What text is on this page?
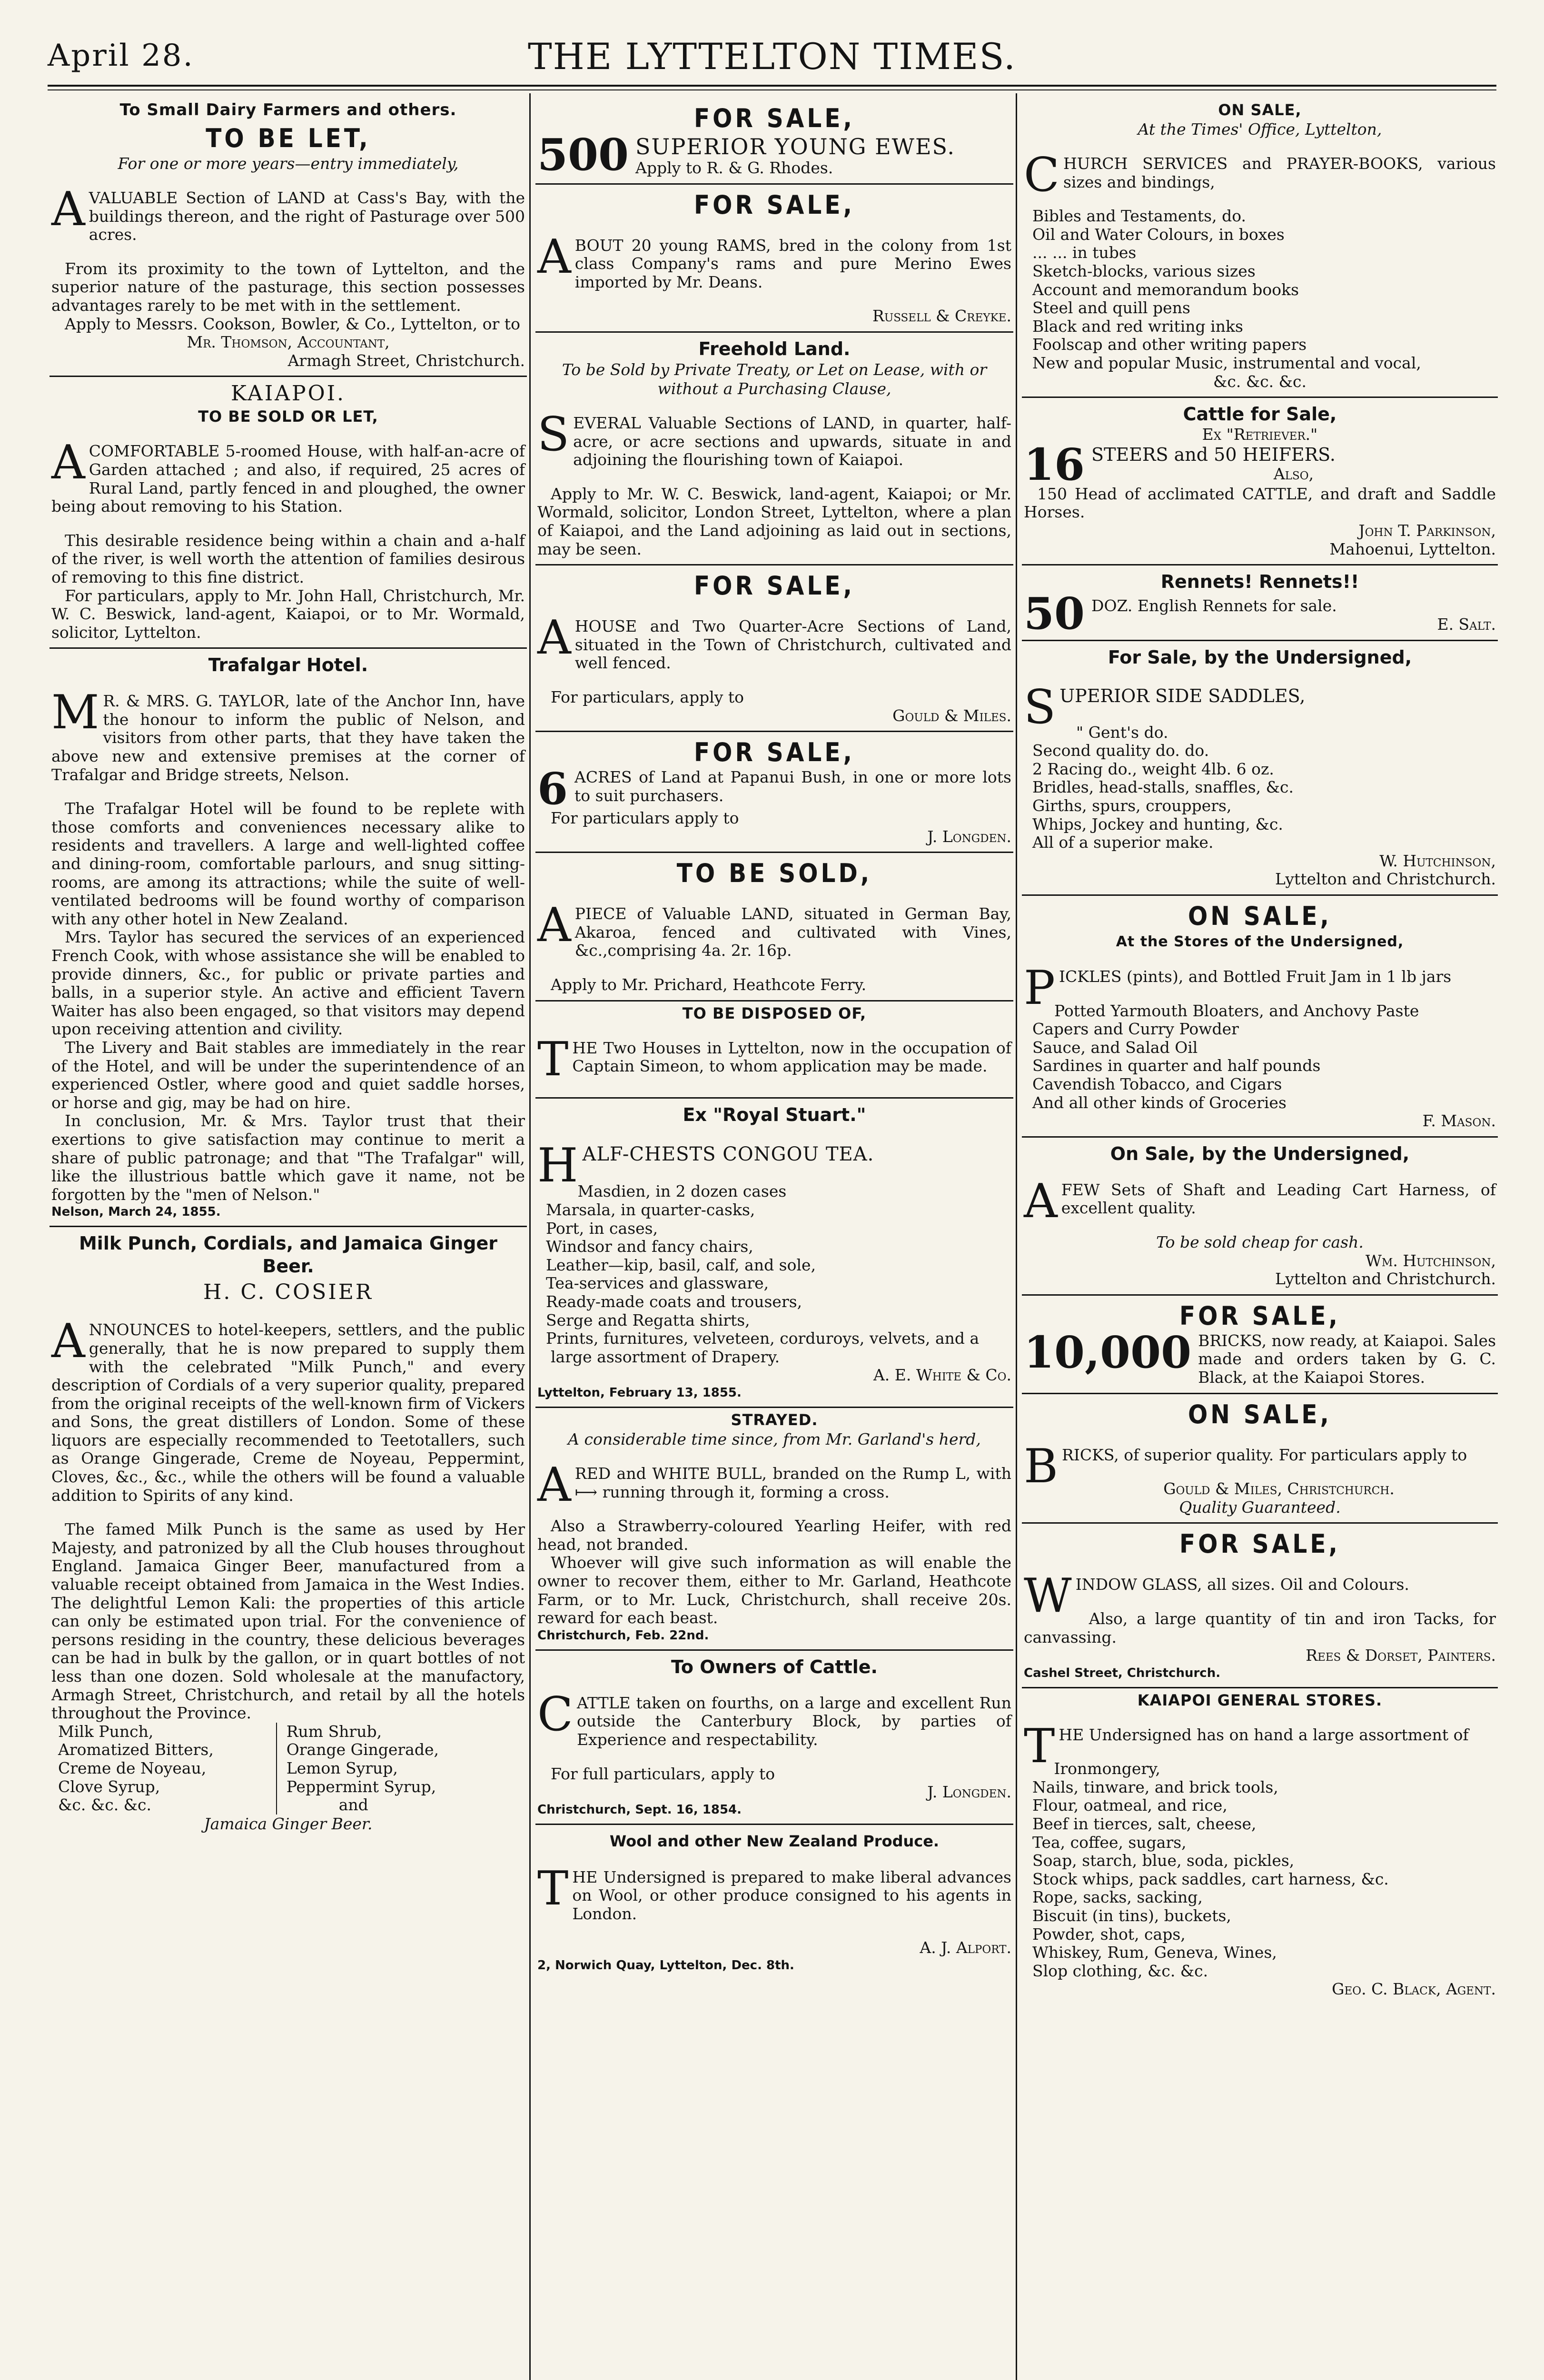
April 28.	THE LYTTELTON TIMES.
To Small Dairy Farmers and others.
TO BE LET,
For one or more years—entry immediately,

AVALUABLE Section of LAND at Cass's Bay, with the buildings thereon, and the right of Pasturage over 500 acres.

From its proximity to the town of Lyttelton, and the superior nature of the pasturage, this section possesses advantages rarely to be met with in the settlement.

Apply to Messrs. Cookson, Bowler, & Co., Lyttelton, or to

Mr. Thomson, Accountant,
Armagh Street, Christchurch.
KAIAPOI.
TO BE SOLD OR LET,

ACOMFORTABLE 5-roomed House, with half-an-acre of Garden attached ; and also, if required, 25 acres of Rural Land, partly fenced in and ploughed, the owner being about removing to his Station.

This desirable residence being within a chain and a-half of the river, is well worth the attention of families desirous of removing to this fine district.

For particulars, apply to Mr. John Hall, Christchurch, Mr. W. C. Beswick, land-agent, Kaiapoi, or to Mr. Wormald, solicitor, Lyttelton.

Trafalgar Hotel.

MR. & MRS. G. TAYLOR, late of the Anchor Inn, have the honour to inform the public of Nelson, and visitors from other parts, that they have taken the above new and extensive premises at the corner of Trafalgar and Bridge streets, Nelson.

The Trafalgar Hotel will be found to be replete with those comforts and conveniences necessary alike to residents and travellers. A large and well-lighted coffee and dining-room, comfortable parlours, and snug sitting-rooms, are among its attractions; while the suite of well-ventilated bedrooms will be found worthy of comparison with any other hotel in New Zealand.

Mrs. Taylor has secured the services of an experienced French Cook, with whose assistance she will be enabled to provide dinners, &c., for public or private parties and balls, in a superior style. An active and efficient Tavern Waiter has also been engaged, so that visitors may depend upon receiving attention and civility.

The Livery and Bait stables are immediately in the rear of the Hotel, and will be under the superintendence of an experienced Ostler, where good and quiet saddle horses, or horse and gig, may be had on hire.

In conclusion, Mr. & Mrs. Taylor trust that their exertions to give satisfaction may continue to merit a share of public patronage; and that "The Trafalgar" will, like the illustrious battle which gave it name, not be forgotten by the "men of Nelson."

Nelson, March 24, 1855.
Milk Punch, Cordials, and Jamaica Ginger Beer.
H. C. COSIER

ANNOUNCES to hotel-keepers, settlers, and the public generally, that he is now prepared to supply them with the celebrated "Milk Punch," and every description of Cordials of a very superior quality, prepared from the original receipts of the well-known firm of Vickers and Sons, the great distillers of London. Some of these liquors are especially recommended to Teetotallers, such as Orange Gingerade, Creme de Noyeau, Peppermint, Cloves, &c., &c., while the others will be found a valuable addition to Spirits of any kind.

The famed Milk Punch is the same as used by Her Majesty, and patronized by all the Club houses throughout England. Jamaica Ginger Beer, manufactured from a valuable receipt obtained from Jamaica in the West Indies. The delightful Lemon Kali: the properties of this article can only be estimated upon trial. For the convenience of persons residing in the country, these delicious beverages can be had in bulk by the gallon, or in quart bottles of not less than one dozen. Sold wholesale at the manufactory, Armagh Street, Christchurch, and retail by all the hotels throughout the Province.

Milk Punch,
Aromatized Bitters,
Creme de Noyeau,
Clove Syrup,
&c. &c. &c.
Rum Shrub,
Orange Gingerade,
Lemon Syrup,
Peppermint Syrup,
and
Jamaica Ginger Beer.
FOR SALE,
500 SUPERIOR YOUNG EWES.
Apply to R. & G. Rhodes.
FOR SALE,

ABOUT 20 young RAMS, bred in the colony from 1st class Company's rams and pure Merino Ewes imported by Mr. Deans.

Russell & Creyke.
Freehold Land.
To be Sold by Private Treaty, or Let on Lease, with or without a Purchasing Clause,

SEVERAL Valuable Sections of LAND, in quarter, half-acre, or acre sections and upwards, situate in and adjoining the flourishing town of Kaiapoi.

Apply to Mr. W. C. Beswick, land-agent, Kaiapoi; or Mr. Wormald, solicitor, London Street, Lyttelton, where a plan of Kaiapoi, and the Land adjoining as laid out in sections, may be seen.

FOR SALE,

AHOUSE and Two Quarter-Acre Sections of Land, situated in the Town of Christchurch, cultivated and well fenced.

For particulars, apply to

Gould & Miles.
FOR SALE,
6 ACRES of Land at Papanui Bush, in one or more lots to suit purchasers.

For particulars apply to

J. Longden.
TO BE SOLD,

APIECE of Valuable LAND, situated in German Bay, Akaroa, fenced and cultivated with Vines, &c.,comprising 4a. 2r. 16p.

Apply to Mr. Prichard, Heathcote Ferry.

TO BE DISPOSED OF,

THE Two Houses in Lyttelton, now in the occupation of Captain Simeon, to whom application may be made.

Ex "Royal Stuart."

HALF-CHESTS CONGOU TEA.

Masdien, in 2 dozen cases
Marsala, in quarter-casks,
Port, in cases,
Windsor and fancy chairs,
Leather—kip, basil, calf, and sole,
Tea-services and glassware,
Ready-made coats and trousers,
Serge and Regatta shirts,
Prints, furnitures, velveteen, corduroys, velvets, and a large assortment of Drapery.
A. E. White & Co.
Lyttelton, February 13, 1855.
STRAYED.
A considerable time since, from Mr. Garland's herd,

ARED and WHITE BULL, branded on the Rump L, with ⟼ running through it, forming a cross.

Also a Strawberry-coloured Yearling Heifer, with red head, not branded.

Whoever will give such information as will enable the owner to recover them, either to Mr. Garland, Heathcote Farm, or to Mr. Luck, Christchurch, shall receive 20s. reward for each beast.

Christchurch, Feb. 22nd.
To Owners of Cattle.

CATTLE taken on fourths, on a large and excellent Run outside the Canterbury Block, by parties of Experience and respectability.

For full particulars, apply to

J. Longden.
Christchurch, Sept. 16, 1854.
Wool and other New Zealand Produce.

THE Undersigned is prepared to make liberal advances on Wool, or other produce consigned to his agents in London.

A. J. Alport.
2, Norwich Quay, Lyttelton, Dec. 8th.
ON SALE,
At the Times' Office, Lyttelton,

CHURCH SERVICES and PRAYER-BOOKS, various sizes and bindings,

Bibles and Testaments, do.
Oil and Water Colours, in boxes
... ... in tubes
Sketch-blocks, various sizes
Account and memorandum books
Steel and quill pens
Black and red writing inks
Foolscap and other writing papers
New and popular Music, instrumental and vocal,
&c. &c. &c.
Cattle for Sale,
Ex "Retriever."
16 STEERS and 50 HEIFERS.
Also,

150 Head of acclimated CATTLE, and draft and Saddle Horses.

John T. Parkinson,
Mahoenui, Lyttelton.
Rennets! Rennets!!
50 DOZ. English Rennets for sale.
E. Salt.
For Sale, by the Undersigned,

SUPERIOR SIDE SADDLES,

" Gent's do.
Second quality do. do.
2 Racing do., weight 4lb. 6 oz.
Bridles, head-stalls, snaffles, &c.
Girths, spurs, crouppers,
Whips, Jockey and hunting, &c.
All of a superior make.
W. Hutchinson,
Lyttelton and Christchurch.
ON SALE,
At the Stores of the Undersigned,

PICKLES (pints), and Bottled Fruit Jam in 1 lb jars

Potted Yarmouth Bloaters, and Anchovy Paste
Capers and Curry Powder
Sauce, and Salad Oil
Sardines in quarter and half pounds
Cavendish Tobacco, and Cigars
And all other kinds of Groceries
F. Mason.
On Sale, by the Undersigned,

AFEW Sets of Shaft and Leading Cart Harness, of excellent quality.

To be sold cheap for cash.
Wm. Hutchinson,
Lyttelton and Christchurch.
FOR SALE,
10,000 BRICKS, now ready, at Kaiapoi. Sales made and orders taken by G. C. Black, at the Kaiapoi Stores.

ON SALE,

BRICKS, of superior quality. For particulars apply to

Gould & Miles, Christchurch.
Quality Guaranteed.
FOR SALE,

WINDOW GLASS, all sizes. Oil and Colours.

Also, a large quantity of tin and iron Tacks, for canvassing.

Rees & Dorset, Painters.
Cashel Street, Christchurch.
KAIAPOI GENERAL STORES.

THE Undersigned has on hand a large assortment of

Ironmongery,
Nails, tinware, and brick tools,
Flour, oatmeal, and rice,
Beef in tierces, salt, cheese,
Tea, coffee, sugars,
Soap, starch, blue, soda, pickles,
Stock whips, pack saddles, cart harness, &c.
Rope, sacks, sacking,
Biscuit (in tins), buckets,
Powder, shot, caps,
Whiskey, Rum, Geneva, Wines,
Slop clothing, &c. &c.
Geo. C. Black, Agent.
